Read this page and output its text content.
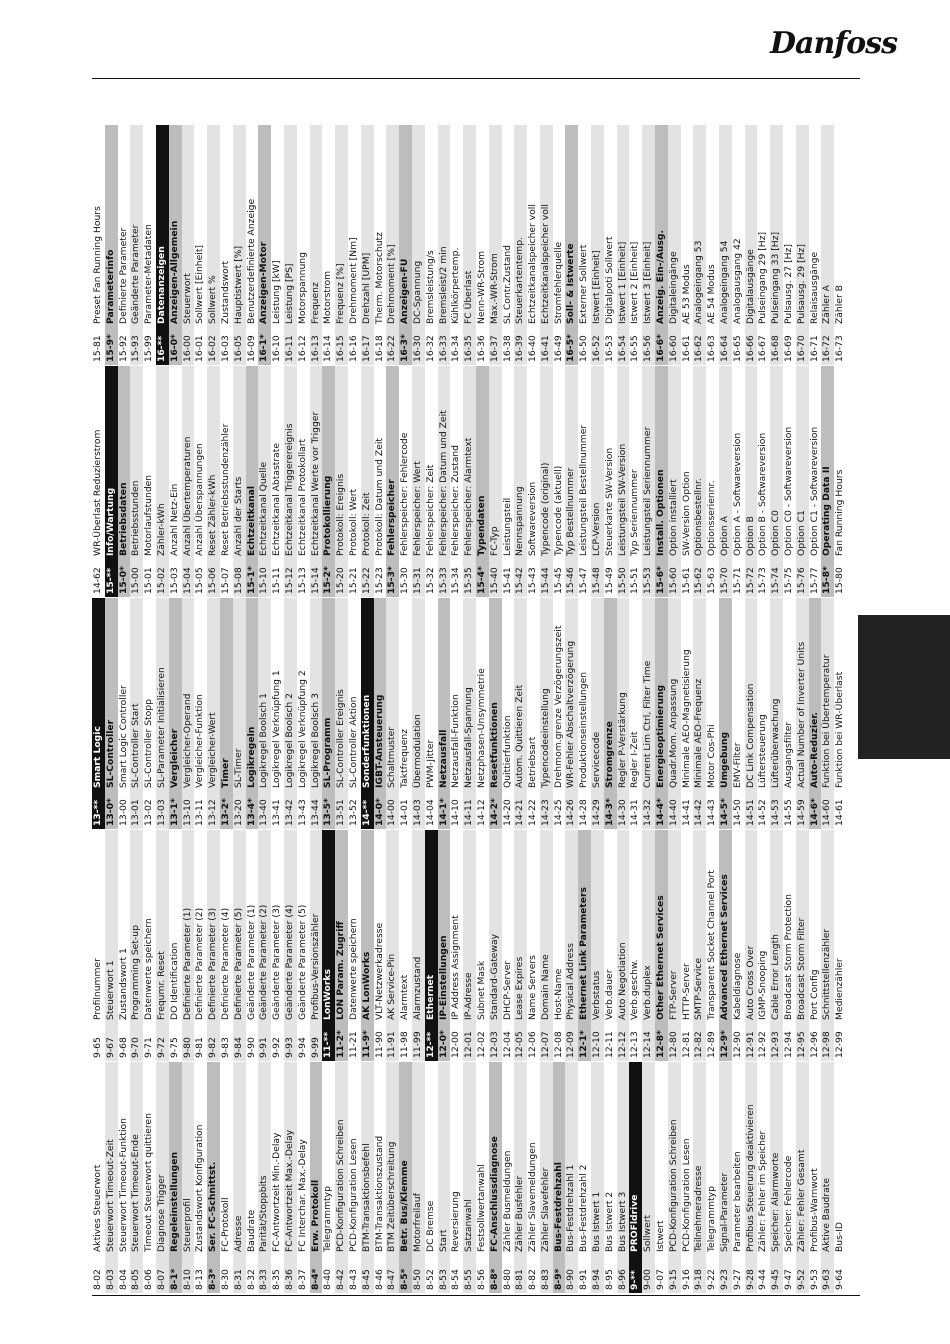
Danfoss
8-02Aktives Steuerwort
8-03Steuerwort Timeout-Zeit
8-04Steuerwort Timeout-Funktion
8-05Steuerwort Timeout-Ende
8-06Timeout Steuerwort quittieren
8-07Diagnose Trigger
8-1*Regeleinstellungen
8-10Steuerprofil
8-13Zustandswort Konfiguration
8-3*Ser. FC-Schnittst.
8-30FC-Protokoll
8-31Adresse
8-32Baudrate
8-33Parität/Stoppbits
8-35FC-Antwortzeit Min.-Delay
8-36FC-Antwortzeit Max.-Delay
8-37FC Interchar. Max.-Delay
8-4*Erw. Protokoll
8-40Telegrammtyp
8-42PCD-Konfiguration Schreiben
8-43PCD-Konfiguration Lesen
8-45BTM-Transaktionsbefehl
8-46BTM-Transaktionszustand
8-47BTM Zeitüberschreitung
8-5*Betr. Bus/Klemme
8-50Motorfreilauf
8-52DC Bremse
8-53Start
8-54Reversierung
8-55Satzanwahl
8-56Festsollwertanwahl
8-8*FC-Anschlussdiagnose
8-80Zähler Busmeldungen
8-81Zähler Busfehler
8-82Zähler Slavemeldungen
8-83Zähler Slavefehler
8-9*Bus-Festdrehzahl
8-90Bus-Festdrehzahl 1
8-91Bus-Festdrehzahl 2
8-94Bus Istwert 1
8-95Bus Istwert 2
8-96Bus Istwert 3
9-**PROFldrive
9-00Sollwert
9-07Istwert
9-15PCD-Konfiguration Schreiben
9-16PCD-Konfiguration Lesen
9-18Teilnehmeradresse
9-22Telegrammtyp
9-23Signal-Parameter
9-27Parameter bearbeiten
9-28Profibus Steuerung deaktivieren
9-44Zähler: Fehler im Speicher
9-45Speicher: Alarmworte
9-47Speicher: Fehlercode
9-52Zähler: Fehler Gesamt
9-53Profibus-Warnwort
9-63Aktive Baudrate
9-64Bus-ID
9-65Profilnummer
9-67Steuerwort 1
9-68Zustandswort 1
9-70Programming Set-up
9-71Datenwerte speichern
9-72Frequmr. Reset
9-75DO Identification
9-80Definierte Parameter (1)
9-81Definierte Parameter (2)
9-82Definierte Parameter (3)
9-83Definierte Parameter (4)
9-84Definierte Parameter (5)
9-90Geänderte Parameter (1)
9-91Geänderte Parameter (2)
9-92Geänderte Parameter (3)
9-93Geänderte Parameter (4)
9-94Geänderte Parameter (5)
9-99Profibus-Versionszähler
11-**LonWorks
11-2*LON Param. Zugriff
11-21Datenwerte speichern
11-9*AK LonWorks
11-90VLT-Netzwerkadresse
11-91AK Service-Pin
11-98Alarmtext
11-99Alarmzustand
12-**Ethernet
12-0*IP-Einstellungen
12-00IP Address Assignment
12-01IP-Adresse
12-02Subnet Mask
12-03Standard-Gateway
12-04DHCP-Server
12-05Lease Expires
12-06Name Servers
12-07Domain Name
12-08Host-Name
12-09Physical Address
12-1*Ethernet Link Parameters
12-10Verbstatus
12-11Verb.dauer
12-12Auto Negotiation
12-13Verb.geschw.
12-14Verb.duplex
12-8*Other Ethernet Services
12-80FTP-Server
12-81HTTP-Server
12-82SMTP-Service
12-89Transparent Socket Channel Port
12-9*Advanced Ethernet Services
12-90Kabeldiagnose
12-91Auto Cross Over
12-92IGMP-Snooping
12-93Cable Error Length
12-94Broadcast Storm Protection
12-95Broadcast Storm Filter
12-96Port Config
12-98Schnittstellenzähler
12-99Medienzähler
13-**Smart Logic
13-0*SL-Controller
13-00Smart Logic Controller
13-01SL-Controller Start
13-02SL-Controller Stopp
13-03SL-Parameter Initialisieren
13-1*Vergleicher
13-10Vergleicher-Operand
13-11Vergleicher-Funktion
13-12Vergleicher-Wert
13-2*Timer
13-20SL-Timer
13-4*Logikregeln
13-40Logikregel Boolsch 1
13-41Logikregel Verknüpfung 1
13-42Logikregel Boolsch 2
13-43Logikregel Verknüpfung 2
13-44Logikregel Boolsch 3
13-5*SL-Programm
13-51SL-Controller Ereignis
13-52SL-Controller Aktion
14-**Sonderfunktionen
14-0*IGBT-Ansteuerung
14-00Schaltmuster
14-01Taktfrequenz
14-03Übermodulation
14-04PWM-Jitter
14-1*Netzausfall
14-10Netzausfall-Funktion
14-11Netzausfall-Spannung
14-12Netzphasen-Unsymmetrie
14-2*Resetfunktionen
14-20Quittierfunktion
14-21Autom. Quittieren Zeit
14-22Betriebsart
14-23Typencodeeinstellung
14-25Drehmom.grenze Verzögerungszeit
14-26WR-Fehler Abschaltverzögerung
14-28Produktionseinstellungen
14-29Servicecode
14-3*Stromgrenze
14-30Regler P-Verstärkung
14-31Regler I-Zeit
14-32Current Lim Ctrl, Filter Time
14-4*Energieoptimierung
14-40Quadr.Mom. Anpassung
14-41Minimale AEO-Magnetisierung
14-42Minimale AEO-Frequenz
14-43Motor Cos-Phi
14-5*Umgebung
14-50EMV-Filter
14-51DC Link Compensation
14-52Lüftersteuerung
14-53Lüfterüberwachung
14-55Ausgangsfilter
14-59Actual Number of Inverter Units
14-6*Auto-Reduzier.
14-60Funktion bei Übertemperatur
14-61Funktion bei WR-Überlast
14-62WR-Überlast Reduzierstrom
15-**Info/Wartung
15-0*Betriebsdaten
15-00Betriebsstunden
15-01Motorlaufstunden
15-02Zähler-kWh
15-03Anzahl Netz-Ein
15-04Anzahl Übertemperaturen
15-05Anzahl Überspannungen
15-06Reset Zähler-kWh
15-07Reset Betriebsstundenzähler
15-08Anzahl der Starts
15-1*Echtzeitkanal
15-10Echtzeitkanal Quelle
15-11Echtzeitkanal Abtastrate
15-12Echtzeitkanal Triggerereignis
15-13Echtzeitkanal Protokollart
15-14Echtzeitkanal Werte vor Trigger
15-2*Protokollierung
15-20Protokoll: Ereignis
15-21Protokoll: Wert
15-22Protokoll: Zeit
15-23Protokoll: Datum und Zeit
15-3*Fehlerspeicher
15-30Fehlerspeicher: Fehlercode
15-31Fehlerspeicher: Wert
15-32Fehlerspeicher: Zeit
15-33Fehlerspeicher: Datum und Zeit
15-34Fehlerspeicher: Zustand
15-35Fehlerspeicher: Alarmtext
15-4*Typendaten
15-40FC-Typ
15-41Leistungsteil
15-42Nennspannung
15-43Softwareversion
15-44Typencode (original)
15-45Typencode (aktuell)
15-46Typ Bestellnummer
15-47Leistungsteil Bestellnummer
15-48LCP-Version
15-49Steuerkarte SW-Version
15-50Leistungsteil SW-Version
15-51Typ Seriennummer
15-53Leistungsteil Seriennummer
15-6*Install. Optionen
15-60Option installiert
15-61SW-Version Option
15-62Optionsbestellnr.
15-63Optionsseriennr.
15-70Option A
15-71Option A - Softwareversion
15-72Option B
15-73Option B - Softwareversion
15-74Option C0
15-75Option C0 - Softwareversion
15-76Option C1
15-77Option C1 - Softwareversion
15-8*Operating Data II
15-80Fan Running Hours
15-81Preset Fan Running Hours
15-9*Parameterinfo
15-92Definierte Parameter
15-93Geänderte Parameter
15-99Parameter-Metadaten
16-**Datenanzeigen
16-0*Anzeigen-Allgemein
16-00Steuerwort
16-01Sollwert [Einheit]
16-02Sollwert %
16-03Zustandswort
16-05Hauptistwert [%]
16-09Benutzerdefinierte Anzeige
16-1*Anzeigen-Motor
16-10Leistung [kW]
16-11Leistung [PS]
16-12Motorspannung
16-13Frequenz
16-14Motorstrom
16-15Frequenz [%]
16-16Drehmoment [Nm]
16-17Drehzahl [UPM]
16-18Therm. Motorschutz
16-22Drehmoment [%]
16-3*Anzeigen-FU
16-30DC-Spannung
16-32Bremsleistung/s
16-33Bremsleist/2 min
16-34Kühlkörpertemp.
16-35FC Überlast
16-36Nenn-WR-Strom
16-37Max.-WR-Strom
16-38SL Contr.Zustand
16-39Steuerkartentemp.
16-40Echtzeitkanalspeicher voll
16-41Echtzeitkanalspeicher voll
16-49Stromfehlerquelle
16-5*Soll- & Istwerte
16-50Externer Sollwert
16-52Istwert [Einheit]
16-53Digitalpoti Sollwert
16-54Istwert 1 [Einheit]
16-55Istwert 2 [Einheit]
16-56Istwert 3 [Einheit]
16-6*Anzeig. Ein-/Ausg.
16-60Digitaleingänge
16-61AE 53 Modus
16-62Analogeingang 53
16-63AE 54 Modus
16-64Analogeingang 54
16-65Analogausgang 42
16-66Digitalausgänge
16-67Pulseingang 29 [Hz]
16-68Pulseingang 33 [Hz]
16-69Pulsausg. 27 [Hz]
16-70Pulsausg. 29 [Hz]
16-71Relaisausgänge
16-72Zähler A
16-73Zähler B
